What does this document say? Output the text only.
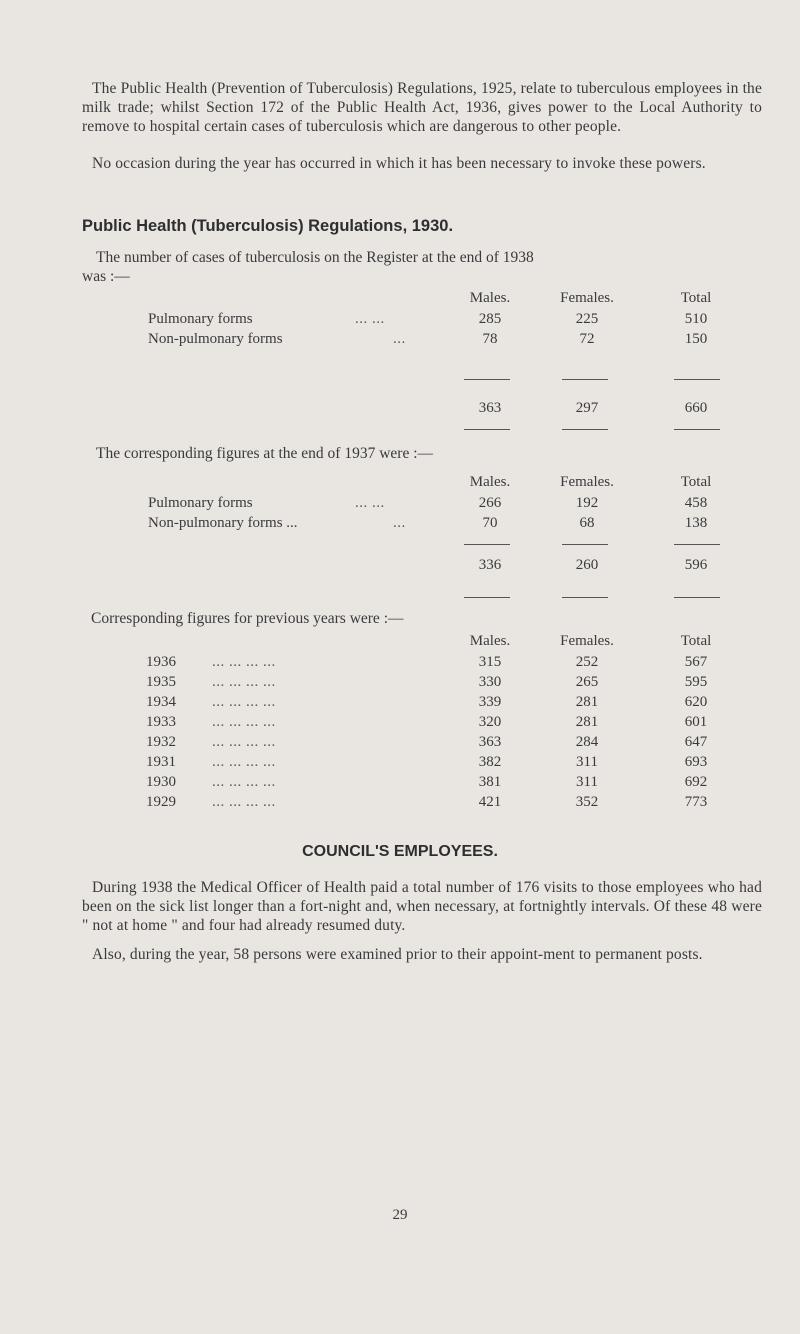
The Public Health (Prevention of Tuberculosis) Regulations, 1925, relate to tuberculous employees in the milk trade; whilst Section 172 of the Public Health Act, 1936, gives power to the Local Authority to remove to hospital certain cases of tuberculosis which are dangerous to other people.

No occasion during the year has occurred in which it has been necessary to invoke these powers.

Public Health (Tuberculosis) Regulations, 1930.

The number of cases of tuberculosis on the Register at the end of 1938

was :—

Males.	Females.	Total
Pulmonary forms	... ...	285	225	510
Non-pulmonary forms	...	78	72	150
363	297	660

The corresponding figures at the end of 1937 were :—

Males.	Females.	Total
Pulmonary forms	... ...	266	192	458
Non-pulmonary forms ...	...	70	68	138
336	260	596

Corresponding figures for previous years were :—

Males.	Females.	Total
1936 ... ... ... ...	315	252	567
1935 ... ... ... ...	330	265	595
1934 ... ... ... ...	339	281	620
1933 ... ... ... ...	320	281	601
1932 ... ... ... ...	363	284	647
1931 ... ... ... ...	382	311	693
1930 ... ... ... ...	381	311	692
1929 ... ... ... ...	421	352	773
COUNCIL'S EMPLOYEES.

During 1938 the Medical Officer of Health paid a total number of 176 visits to those employees who had been on the sick list longer than a fort-night and, when necessary, at fortnightly intervals. Of these 48 were " not at home " and four had already resumed duty.

Also, during the year, 58 persons were examined prior to their appoint-ment to permanent posts.

29
